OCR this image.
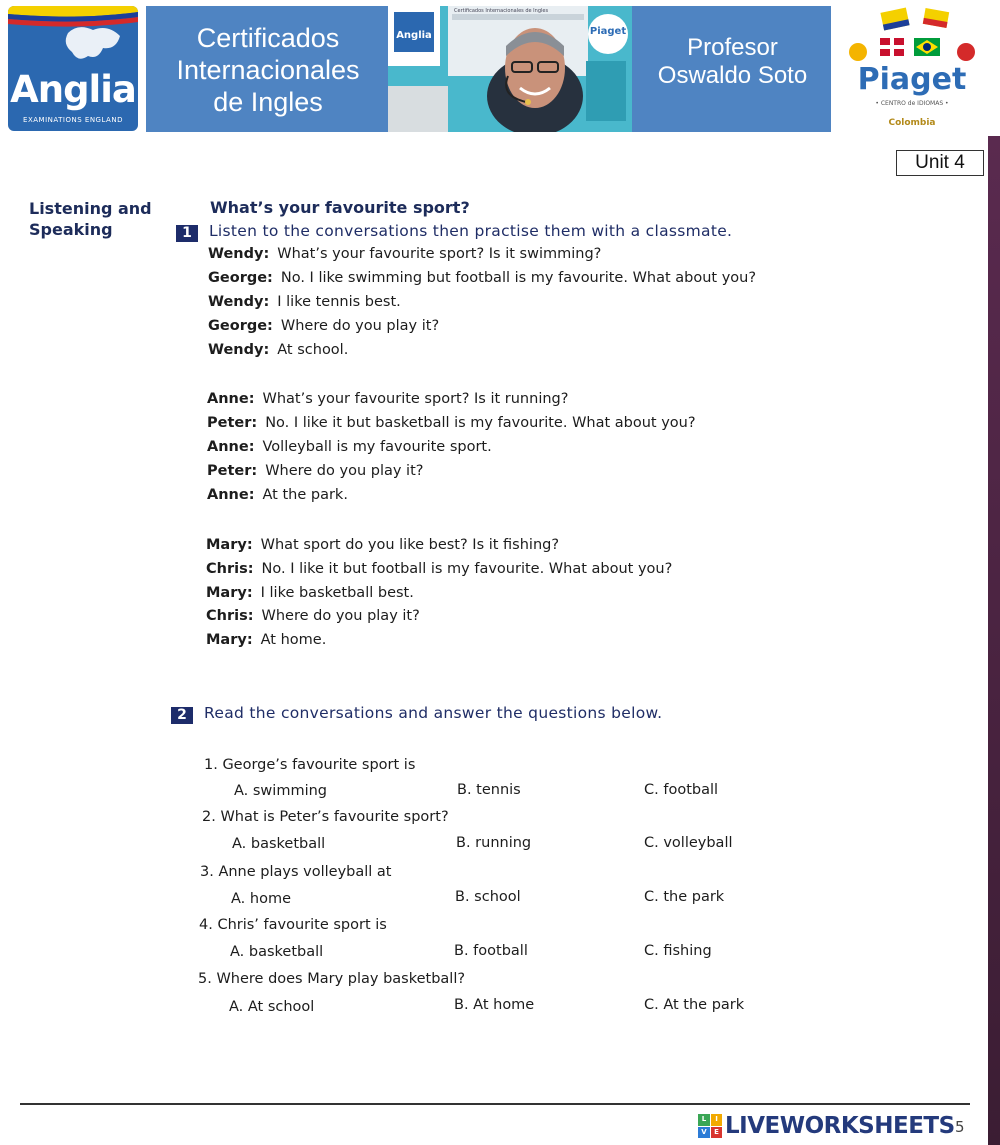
Anglia
EXAMINATIONS ENGLAND
Certificados
Internacionales
de Ingles
Certificados Internacionales de Ingles
Anglia	Piaget
Profesor
Oswaldo Soto	Piaget
• CENTRO de IDIOMAS •
Colombia
Unit 4
Listening and
Speaking
What’s your favourite sport?
1	Listen to the conversations then practise them with a classmate.
Wendy: What’s your favourite sport? Is it swimming?
George: No. I like swimming but football is my favourite. What about you?
Wendy: I like tennis best.
George: Where do you play it?
Wendy: At school.
Anne: What’s your favourite sport? Is it running?
Peter: No. I like it but basketball is my favourite. What about you?
Anne: Volleyball is my favourite sport.
Peter: Where do you play it?
Anne: At the park.
Mary: What sport do you like best? Is it fishing?
Chris: No. I like it but football is my favourite. What about you?
Mary: I like basketball best.
Chris: Where do you play it?
Mary: At home.
2	Read the conversations and answer the questions below.
1. George’s favourite sport is
A. swimming	B. tennis	C. football
2. What is Peter’s favourite sport?
A. basketball	B. running	C. volleyball
3. Anne plays volleyball at
A. home	B. school	C. the park
4. Chris’ favourite sport is
A. basketball	B. football	C. fishing
5. Where does Mary play basketball?
A. At school	B. At home	C. At the park
L	I
V	E LIVEWORKSHEETS 5
